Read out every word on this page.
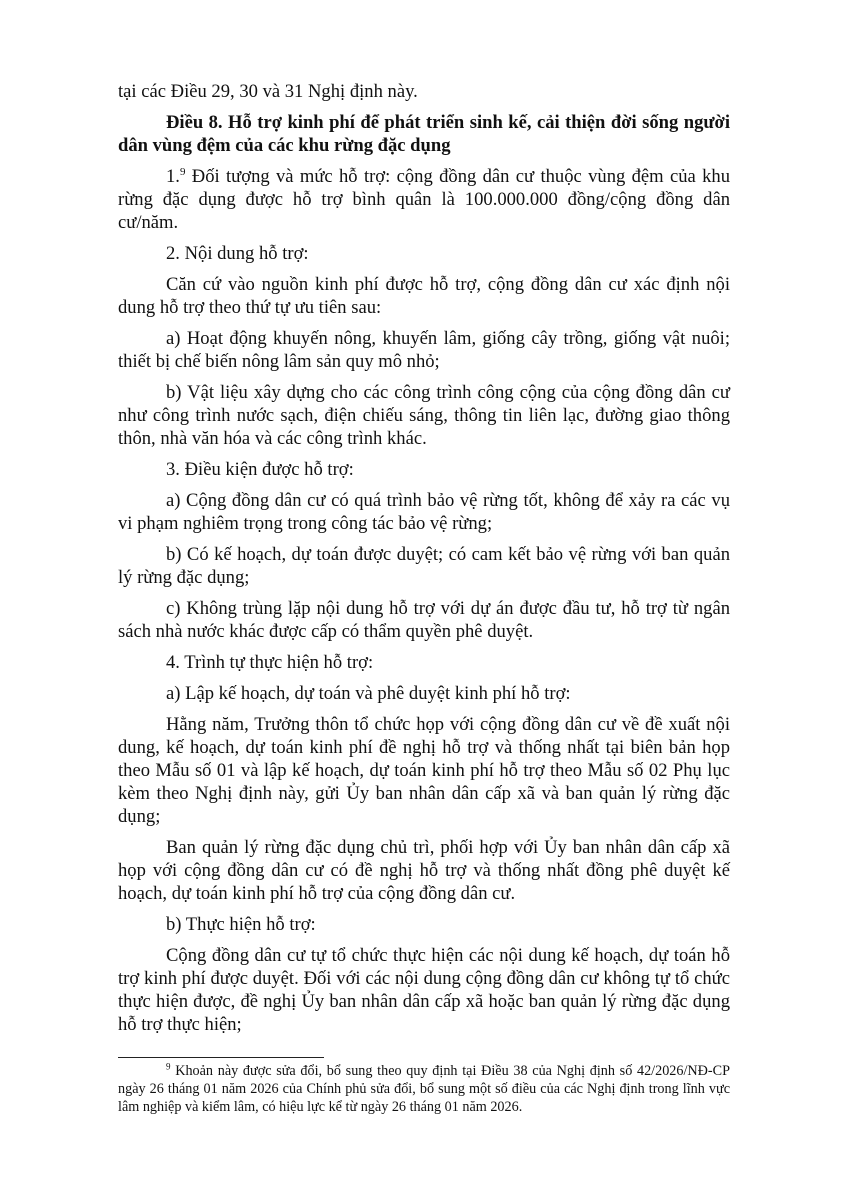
tại các Điều 29, 30 và 31 Nghị định này.

Điều 8. Hỗ trợ kinh phí để phát triển sinh kế, cải thiện đời sống người dân vùng đệm của các khu rừng đặc dụng

1.$^9$ Đối tượng và mức hỗ trợ: cộng đồng dân cư thuộc vùng đệm của khu rừng đặc dụng được hỗ trợ bình quân là 100.000.000 đồng/cộng đồng dân cư/năm.

2. Nội dung hỗ trợ:

Căn cứ vào nguồn kinh phí được hỗ trợ, cộng đồng dân cư xác định nội dung hỗ trợ theo thứ tự ưu tiên sau:

a) Hoạt động khuyến nông, khuyến lâm, giống cây trồng, giống vật nuôi; thiết bị chế biến nông lâm sản quy mô nhỏ;

b) Vật liệu xây dựng cho các công trình công cộng của cộng đồng dân cư như công trình nước sạch, điện chiếu sáng, thông tin liên lạc, đường giao thông thôn, nhà văn hóa và các công trình khác.

3. Điều kiện được hỗ trợ:

a) Cộng đồng dân cư có quá trình bảo vệ rừng tốt, không để xảy ra các vụ vi phạm nghiêm trọng trong công tác bảo vệ rừng;

b) Có kế hoạch, dự toán được duyệt; có cam kết bảo vệ rừng với ban quản lý rừng đặc dụng;

c) Không trùng lặp nội dung hỗ trợ với dự án được đầu tư, hỗ trợ từ ngân sách nhà nước khác được cấp có thẩm quyền phê duyệt.

4. Trình tự thực hiện hỗ trợ:

a) Lập kế hoạch, dự toán và phê duyệt kinh phí hỗ trợ:

Hằng năm, Trưởng thôn tổ chức họp với cộng đồng dân cư về đề xuất nội dung, kế hoạch, dự toán kinh phí đề nghị hỗ trợ và thống nhất tại biên bản họp theo Mẫu số 01 và lập kế hoạch, dự toán kinh phí hỗ trợ theo Mẫu số 02 Phụ lục kèm theo Nghị định này, gửi Ủy ban nhân dân cấp xã và ban quản lý rừng đặc dụng;

Ban quản lý rừng đặc dụng chủ trì, phối hợp với Ủy ban nhân dân cấp xã họp với cộng đồng dân cư có đề nghị hỗ trợ và thống nhất đồng phê duyệt kế hoạch, dự toán kinh phí hỗ trợ của cộng đồng dân cư.

b) Thực hiện hỗ trợ:

Cộng đồng dân cư tự tổ chức thực hiện các nội dung kế hoạch, dự toán hỗ trợ kinh phí được duyệt. Đối với các nội dung cộng đồng dân cư không tự tổ chức thực hiện được, đề nghị Ủy ban nhân dân cấp xã hoặc ban quản lý rừng đặc dụng hỗ trợ thực hiện;

$^9$ Khoản này được sửa đổi, bổ sung theo quy định tại Điều 38 của Nghị định số 42/2026/NĐ-CP ngày 26 tháng 01 năm 2026 của Chính phủ sửa đổi, bổ sung một số điều của các Nghị định trong lĩnh vực lâm nghiệp và kiểm lâm, có hiệu lực kể từ ngày 26 tháng 01 năm 2026.
